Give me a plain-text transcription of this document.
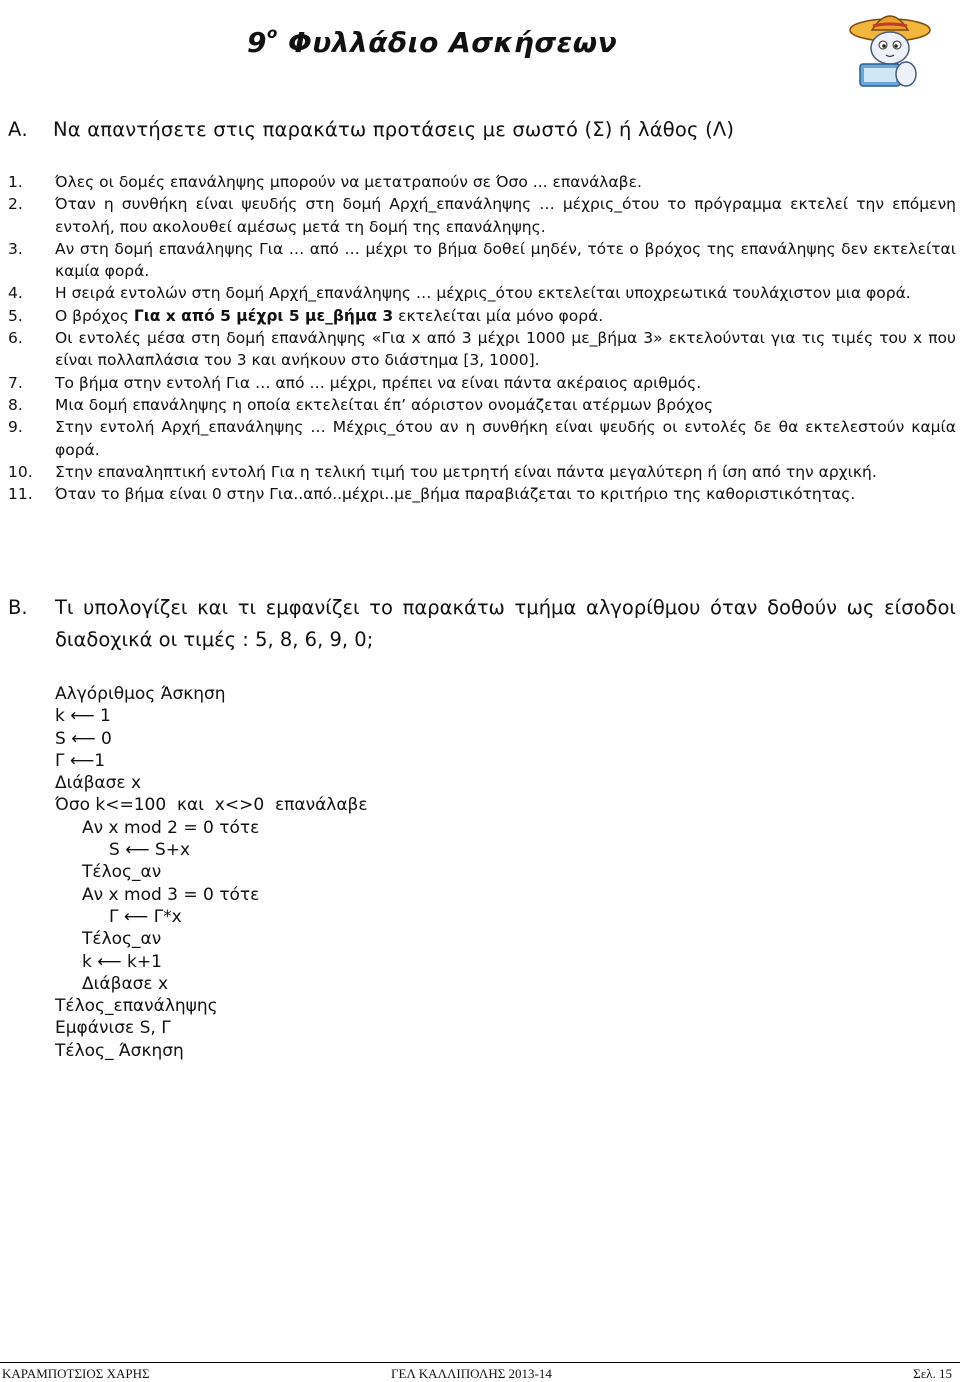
$9^o$ Φυλλάδιο Ασκήσεων
Α. Να απαντήσετε στις παρακάτω προτάσεις με σωστό (Σ) ή λάθος (Λ)
1.	Όλες οι δομές επανάληψης μπορούν να μετατραπούν σε Όσο ... επανάλαβε.
2.	Όταν η συνθήκη είναι ψευδής στη δομή Αρχή_επανάληψης … μέχρις_ότου το πρόγραμμα εκτελεί την επόμενη εντολή, που ακολουθεί αμέσως μετά τη δομή της επανάληψης.
3.	Αν στη δομή επανάληψης Για … από … μέχρι το βήμα δοθεί μηδέν, τότε ο βρόχος της επανάληψης δεν εκτελείται καμία φορά.
4.	Η σειρά εντολών στη δομή Αρχή_επανάληψης … μέχρις_ότου εκτελείται υποχρεωτικά τουλάχιστον μια φορά.
5.	Ο βρόχος Για x από 5 μέχρι 5 με_βήμα 3 εκτελείται μία μόνο φορά.
6.	Οι εντολές μέσα στη δομή επανάληψης «Για x από 3 μέχρι 1000 με_βήμα 3» εκτελούνται για τις τιμές του x που είναι πολλαπλάσια του 3 και ανήκουν στο διάστημα [3, 1000].
7.	Το βήμα στην εντολή Για … από … μέχρι, πρέπει να είναι πάντα ακέραιος αριθμός.
8.	Μια δομή επανάληψης η οποία εκτελείται έπ’ αόριστον ονομάζεται ατέρμων βρόχος
9.	Στην εντολή Αρχή_επανάληψης … Μέχρις_ότου αν η συνθήκη είναι ψευδής οι εντολές δε θα εκτελεστούν καμία φορά.
10.	Στην επαναληπτική εντολή Για η τελική τιμή του μετρητή είναι πάντα μεγαλύτερη ή ίση από την αρχική.
11.	Όταν το βήμα είναι 0 στην Για..από..μέχρι..με_βήμα παραβιάζεται το κριτήριο της καθοριστικότητας.
Β.	Τι υπολογίζει και τι εμφανίζει το παρακάτω τμήμα αλγορίθμου όταν δοθούν ως είσοδοι διαδοχικά οι τιμές : 5, 8, 6, 9, 0;
Αλγόριθμος Άσκηση
k ⟵ 1
S ⟵ 0
Γ ⟵1
Διάβασε x
Όσο k<=100  και  x<>0  επανάλαβε
Αν x mod 2 = 0 τότε
S ⟵ S+x
Τέλος_αν
Αν x mod 3 = 0 τότε
Γ ⟵ Γ*x
Τέλος_αν
k ⟵ k+1
Διάβασε x
Τέλος_επανάληψης
Εμφάνισε S, Γ
Τέλος_ Άσκηση
ΚΑΡΑΜΠΟΤΣΙΟΣ ΧΑΡΗΣ	ΓΕΛ ΚΑΛΛΙΠΟΛΗΣ 2013-14	Σελ. 15
